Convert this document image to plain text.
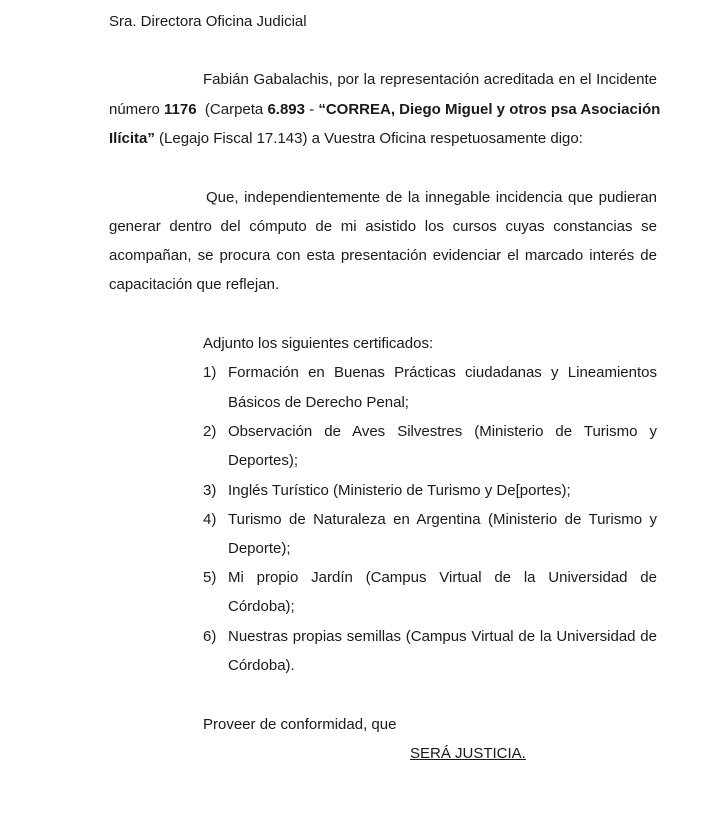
Sra. Directora Oficina Judicial
Fabián Gabalachis, por la representación acreditada en el Incidente
número 1176  (Carpeta 6.893 - “CORREA, Diego Miguel y otros psa Asociación
Ilícita” (Legajo Fiscal 17.143) a Vuestra Oficina respetuosamente digo:
Que, independientemente de la innegable incidencia que pudieran
generar dentro del cómputo de mi asistido los cursos cuyas constancias se
acompañan, se procura con esta presentación evidenciar el marcado interés de
capacitación que reflejan.
Adjunto los siguientes certificados:
1) Formación en Buenas Prácticas ciudadanas y Lineamientos
Básicos de Derecho Penal;
2) Observación de Aves Silvestres (Ministerio de Turismo y
Deportes);
3) Inglés Turístico (Ministerio de Turismo y De[portes);
4) Turismo de Naturaleza en Argentina (Ministerio de Turismo y
Deporte);
5) Mi propio Jardín (Campus Virtual de la Universidad de
Córdoba);
6) Nuestras propias semillas (Campus Virtual de la Universidad de
Córdoba).
Proveer de conformidad, que
SERÁ JUSTICIA.
